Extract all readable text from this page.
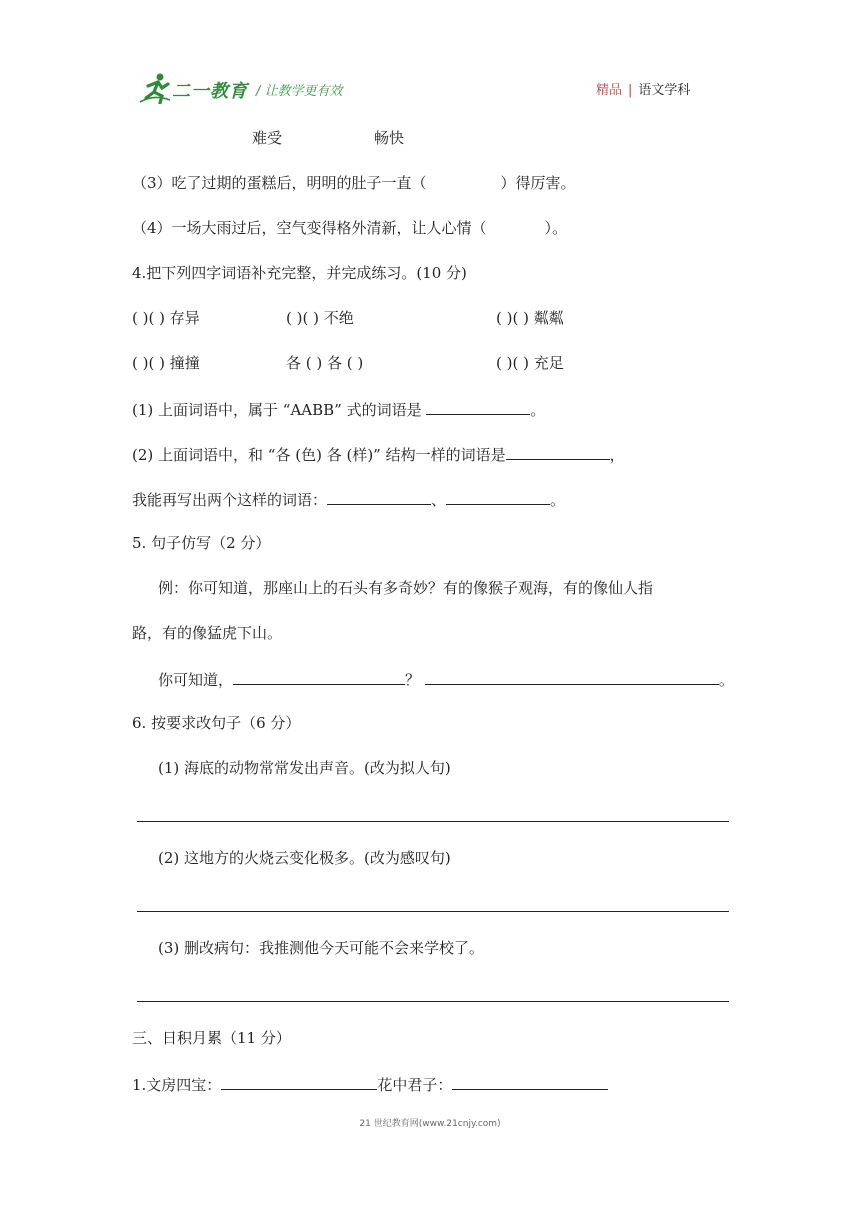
二一教育 / 让教学更有效	精品 | 语文学科
难受	畅快
（3）吃了过期的蛋糕后，明明的肚子一直（	）得厉害。
（4）一场大雨过后，空气变得格外清新，让人心情（	）。
4.把下列四字词语补充完整，并完成练习。(10 分)
( )( ) 存异	( )( ) 不绝	( )( ) 粼粼
( )( ) 撞撞	各 ( ) 各 ( )	( )( ) 充足
(1) 上面词语中，属于 “AABB” 式的词语是	。
(2) 上面词语中，和 “各 (色) 各 (样)” 结构一样的词语是	，
我能再写出两个这样的词语：	、	。
5. 句子仿写（2 分）
例：你可知道，那座山上的石头有多奇妙？有的像猴子观海，有的像仙人指
路，有的像猛虎下山。
你可知道，	？	。
6. 按要求改句子（6 分）
(1) 海底的动物常常发出声音。(改为拟人句)
(2) 这地方的火烧云变化极多。(改为感叹句)
(3) 删改病句：我推测他今天可能不会来学校了。
三、日积月累（11 分）
1.文房四宝：	花中君子：
21 世纪教育网(www.21cnjy.com)
